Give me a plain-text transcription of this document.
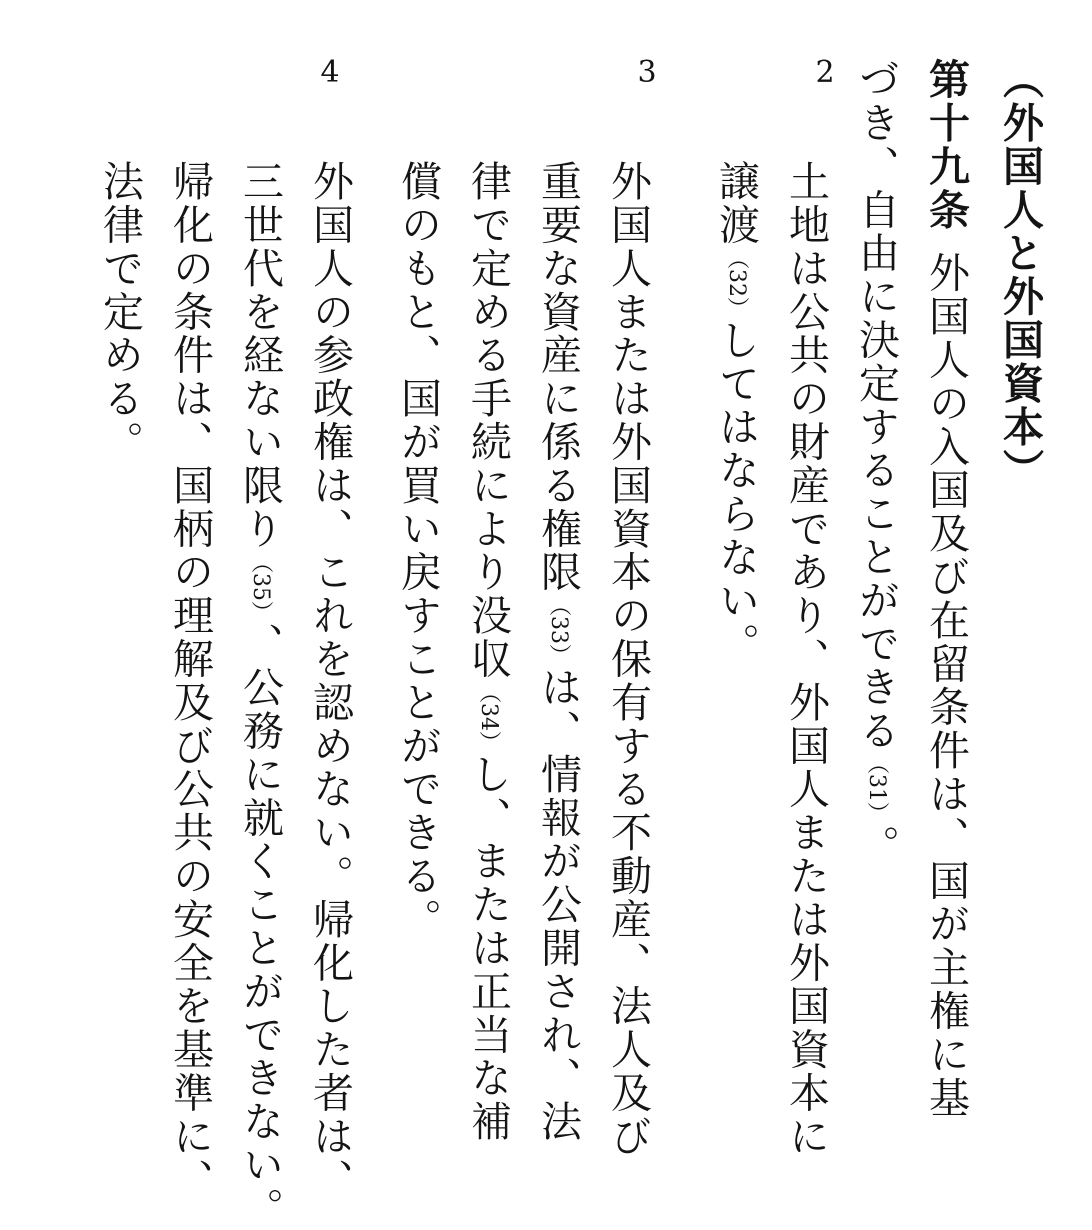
（外国人と外国資本）
第十九条外国人の入国及び在留条件は、国が主権に基
づき、自由に決定することができる（31）。
2
土地は公共の財産であり、外国人または外国資本に
譲渡（32）してはならない。
3
外国人または外国資本の保有する不動産、法人及び
重要な資産に係る権限（33）は、情報が公開され、法
律で定める手続により没収（34）し、または正当な補
償のもと、国が買い戻すことができる。
4
外国人の参政権は、これを認めない。帰化した者は、
三世代を経ない限り（35）、公務に就くことができない。
帰化の条件は、国柄の理解及び公共の安全を基準に、
法律で定める。
